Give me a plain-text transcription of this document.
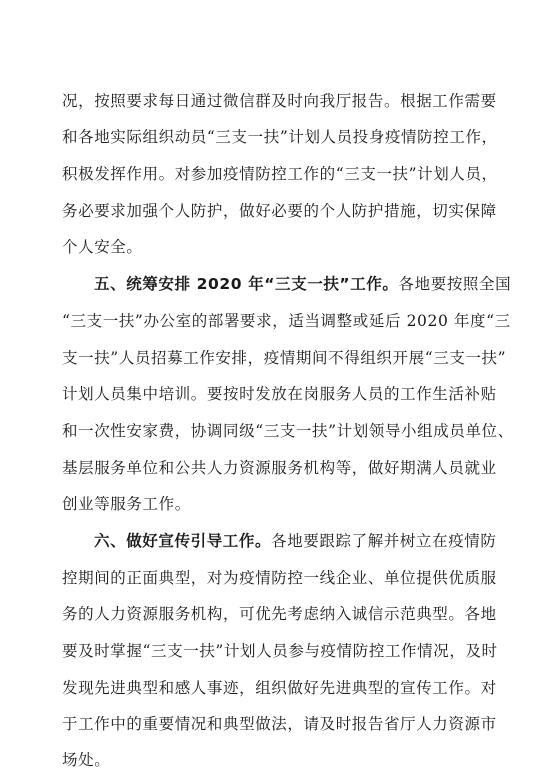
况，按照要求每日通过微信群及时向我厅报告。根据工作需要
和各地实际组织动员“三支一扶”计划人员投身疫情防控工作，
积极发挥作用。对参加疫情防控工作的“三支一扶”计划人员，
务必要求加强个人防护，做好必要的个人防护措施，切实保障
个人安全。
五、统筹安排 2020 年“三支一扶”工作。各地要按照全国
“三支一扶”办公室的部署要求，适当调整或延后 2020 年度“三
支一扶”人员招募工作安排，疫情期间不得组织开展“三支一扶”
计划人员集中培训。要按时发放在岗服务人员的工作生活补贴
和一次性安家费，协调同级“三支一扶”计划领导小组成员单位、
基层服务单位和公共人力资源服务机构等，做好期满人员就业
创业等服务工作。
六、做好宣传引导工作。各地要跟踪了解并树立在疫情防
控期间的正面典型，对为疫情防控一线企业、单位提供优质服
务的人力资源服务机构，可优先考虑纳入诚信示范典型。各地
要及时掌握“三支一扶”计划人员参与疫情防控工作情况，及时
发现先进典型和感人事迹，组织做好先进典型的宣传工作。对
于工作中的重要情况和典型做法，请及时报告省厅人力资源市
场处。
